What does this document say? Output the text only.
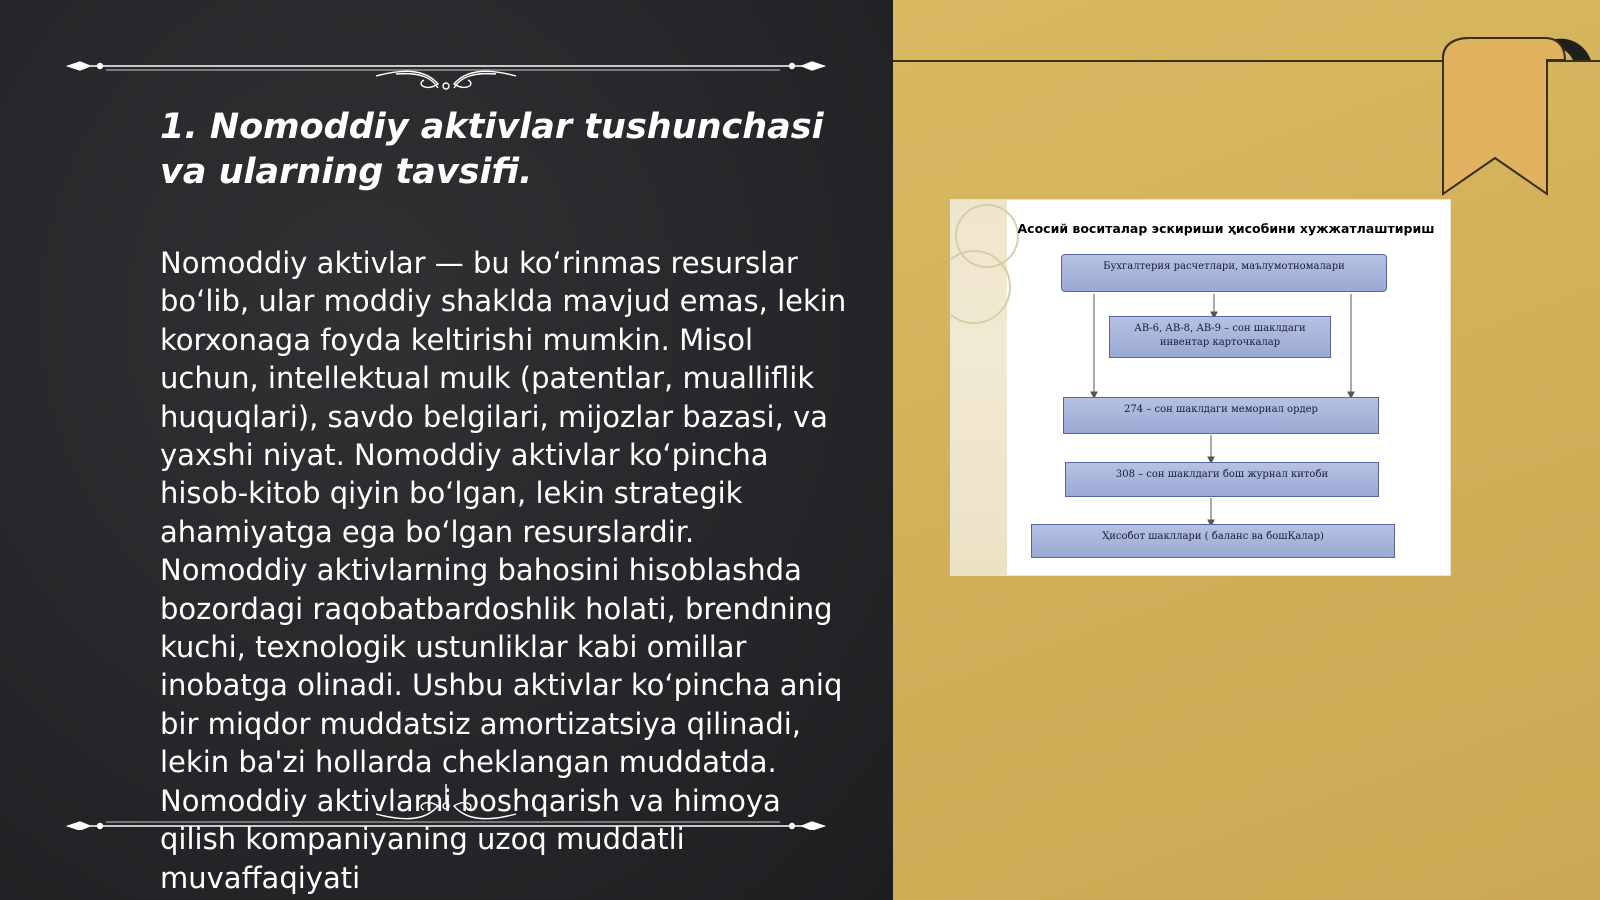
1. Nomoddiy aktivlar tushunchasi va ularning tavsifi.

Nomoddiy aktivlar — bu ko‘rinmas resurslar bo‘lib, ular moddiy shaklda mavjud emas, lekin korxonaga foyda keltirishi mumkin. Misol uchun, intellektual mulk (patentlar, mualliflik huquqlari), savdo belgilari, mijozlar bazasi, va yaxshi niyat. Nomoddiy aktivlar ko‘pincha hisob-kitob qiyin bo‘lgan, lekin strategik ahamiyatga ega bo‘lgan resurslardir. Nomoddiy aktivlarning bahosini hisoblashda bozordagi raqobatbardoshlik holati, brendning kuchi, texnologik ustunliklar kabi omillar inobatga olinadi. Ushbu aktivlar ko‘pincha aniq bir miqdor muddatsiz amortizatsiya qilinadi, lekin ba'zi hollarda cheklangan muddatda. Nomoddiy aktivlarni boshqarish va himoya qilish kompaniyaning uzoq muddatli muvaffaqiyati

Асосий воситалар эскириши ҳисобини хужжатлаштириш
Бухгалтерия расчетлари, маълумотномалари
АВ-6, АВ-8, АВ-9 – сон шаклдаги инвентар карточкалар
274 – сон шаклдаги мемориал ордер
308 – сон шаклдаги бош журнал китоби
Ҳисобот шакллари ( баланс ва бошҚалар)
